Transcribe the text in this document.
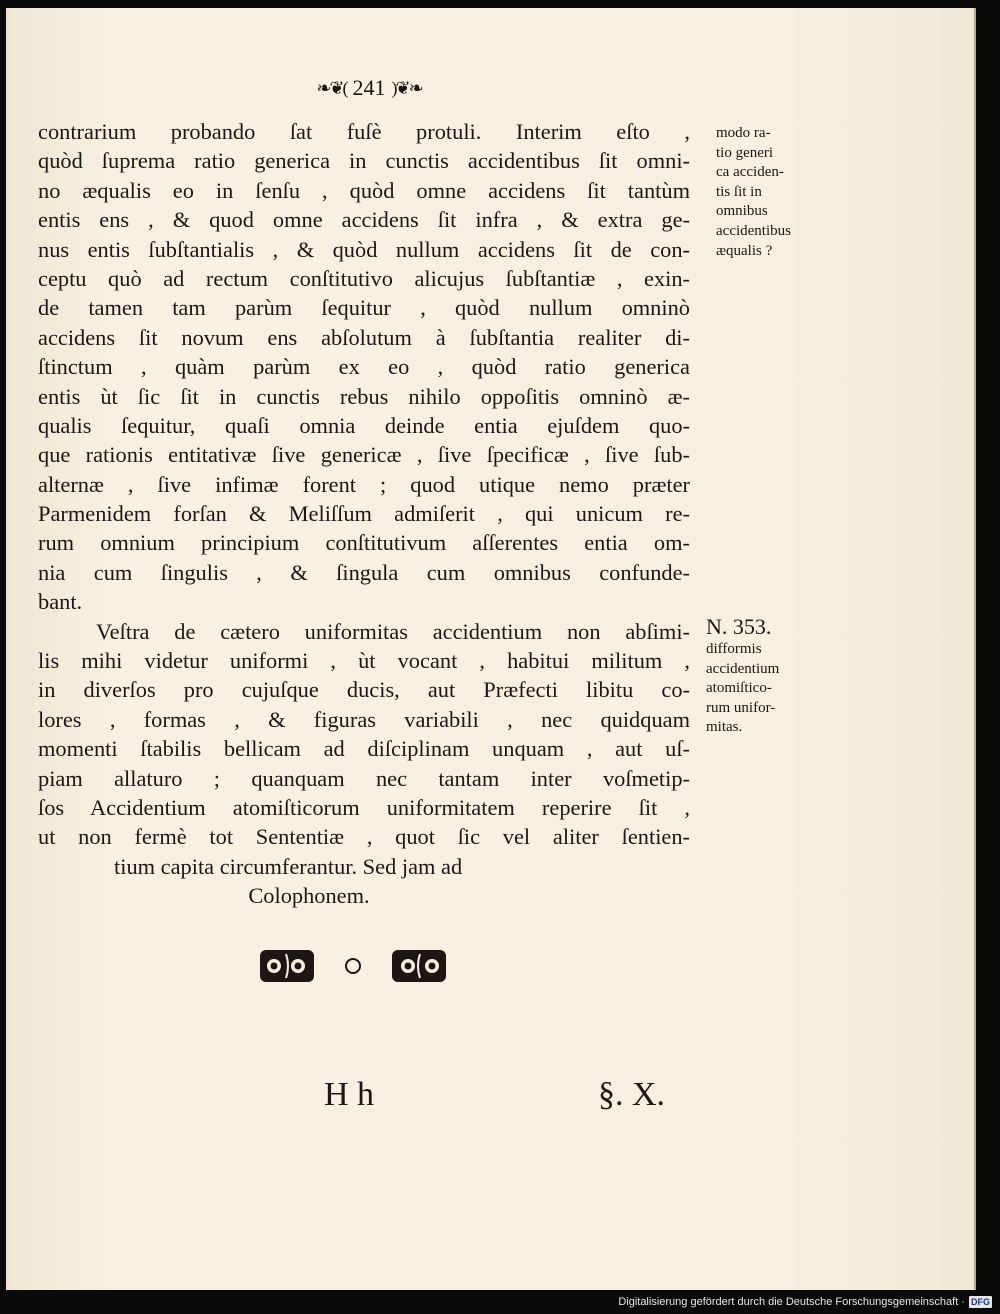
❧❦( 241 )❦❧
contrarium probando ſat fuſè protuli. Interim eſto ,
quòd ſuprema ratio generica in cunctis accidentibus ſit omni-
no æqualis eo in ſenſu , quòd omne accidens ſit tantùm
entis ens , & quod omne accidens ſit infra , & extra ge-
nus entis ſubſtantialis , & quòd nullum accidens ſit de con-
ceptu quò ad rectum conſtitutivo alicujus ſubſtantiæ , exin-
de tamen tam parùm ſequitur , quòd nullum omninò
accidens ſit novum ens abſolutum à ſubſtantia realiter di-
ſtinctum , quàm parùm ex eo , quòd ratio generica
entis ùt ſic ſit in cunctis rebus nihilo oppoſitis omninò æ-
qualis ſequitur, quaſi omnia deinde entia ejuſdem quo-
que rationis entitativæ ſive genericæ , ſive ſpecificæ , ſive ſub-
alternæ , ſive infimæ forent ; quod utique nemo præter
Parmenidem forſan & Meliſſum admiſerit , qui unicum re-
rum omnium principium conſtitutivum aſſerentes entia om-
nia cum ſingulis , & ſingula cum omnibus confunde-
bant.
Veſtra de cætero uniformitas accidentium non abſimi-
lis mihi videtur uniformi , ùt vocant , habitui militum ,
in diverſos pro cujuſque ducis, aut Præfecti libitu co-
lores , formas , & figuras variabili , nec quidquam
momenti ſtabilis bellicam ad diſciplinam unquam , aut uſ-
piam allaturo ; quanquam nec tantam inter voſmetip-
ſos Accidentium atomiſticorum uniformitatem reperire ſit ,
ut non fermè tot Sententiæ , quot ſic vel aliter ſentien-
tium capita circumferantur. Sed jam ad
Colophonem.
modo ra-
tio generi
ca acciden-
tis ſit in
omnibus
accidentibus
æqualis ?
N. 353.
difformis
accidentium
atomiſtico-
rum unifor-
mitas.
H h	§. X.
Digitalisierung gefördert durch die Deutsche Forschungsgemeinschaft · DFG
